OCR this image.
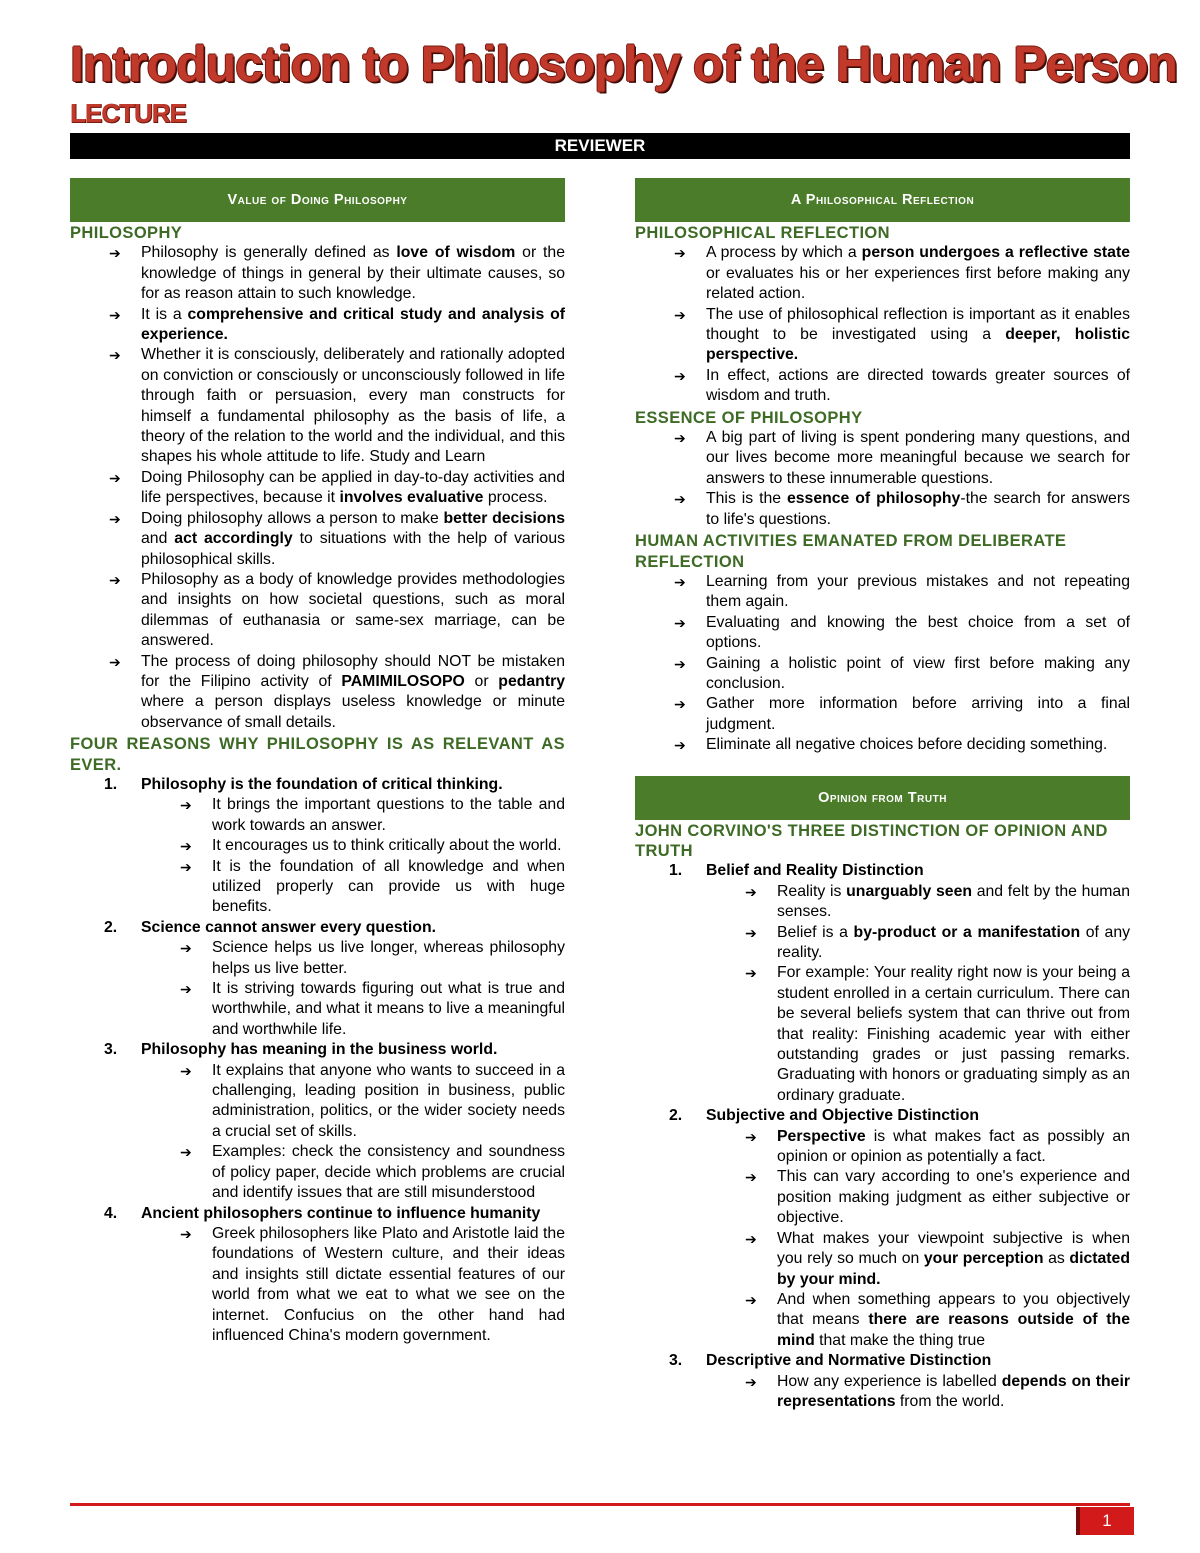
Introduction to Philosophy of the Human Person
LECTURE
REVIEWER
Value of Doing Philosophy
PHILOSOPHY
➔ Philosophy is generally defined as love of wisdom or the knowledge of things in general by their ultimate causes, so for as reason attain to such knowledge.
➔ It is a comprehensive and critical study and analysis of experience.
➔ Whether it is consciously, deliberately and rationally adopted on conviction or consciously or unconsciously followed in life through faith or persuasion, every man constructs for himself a fundamental philosophy as the basis of life, a theory of the relation to the world and the individual, and this shapes his whole attitude to life. Study and Learn
➔ Doing Philosophy can be applied in day-to-day activities and life perspectives, because it involves evaluative process.
➔ Doing philosophy allows a person to make better decisions and act accordingly to situations with the help of various philosophical skills.
➔ Philosophy as a body of knowledge provides methodologies and insights on how societal questions, such as moral dilemmas of euthanasia or same-sex marriage, can be answered.
➔ The process of doing philosophy should NOT be mistaken for the Filipino activity of PAMIMILOSOPO or pedantry where a person displays useless knowledge or minute observance of small details.
FOUR REASONS WHY PHILOSOPHY IS AS RELEVANT AS EVER.
1. Philosophy is the foundation of critical thinking.
➔ It brings the important questions to the table and work towards an answer.
➔ It encourages us to think critically about the world.
➔ It is the foundation of all knowledge and when utilized properly can provide us with huge benefits.
2. Science cannot answer every question.
➔ Science helps us live longer, whereas philosophy helps us live better.
➔ It is striving towards figuring out what is true and worthwhile, and what it means to live a meaningful and worthwhile life.
3. Philosophy has meaning in the business world.
➔ It explains that anyone who wants to succeed in a challenging, leading position in business, public administration, politics, or the wider society needs a crucial set of skills.
➔ Examples: check the consistency and soundness of policy paper, decide which problems are crucial and identify issues that are still misunderstood
4. Ancient philosophers continue to influence humanity
➔ Greek philosophers like Plato and Aristotle laid the foundations of Western culture, and their ideas and insights still dictate essential features of our world from what we eat to what we see on the internet. Confucius on the other hand had influenced China's modern government.
A Philosophical Reflection
PHILOSOPHICAL REFLECTION
➔ A process by which a person undergoes a reflective state or evaluates his or her experiences first before making any related action.
➔ The use of philosophical reflection is important as it enables thought to be investigated using a deeper, holistic perspective.
➔ In effect, actions are directed towards greater sources of wisdom and truth.
ESSENCE OF PHILOSOPHY
➔ A big part of living is spent pondering many questions, and our lives become more meaningful because we search for answers to these innumerable questions.
➔ This is the essence of philosophy-the search for answers to life's questions.
HUMAN ACTIVITIES EMANATED FROM DELIBERATE REFLECTION
➔ Learning from your previous mistakes and not repeating them again.
➔ Evaluating and knowing the best choice from a set of options.
➔ Gaining a holistic point of view first before making any conclusion.
➔ Gather more information before arriving into a final judgment.
➔ Eliminate all negative choices before deciding something.
Opinion from Truth
JOHN CORVINO'S THREE DISTINCTION OF OPINION AND TRUTH
1. Belief and Reality Distinction
➔ Reality is unarguably seen and felt by the human senses.
➔ Belief is a by-product or a manifestation of any reality.
➔ For example: Your reality right now is your being a student enrolled in a certain curriculum. There can be several beliefs system that can thrive out from that reality: Finishing academic year with either outstanding grades or just passing remarks. Graduating with honors or graduating simply as an ordinary graduate.
2. Subjective and Objective Distinction
➔ Perspective is what makes fact as possibly an opinion or opinion as potentially a fact.
➔ This can vary according to one's experience and position making judgment as either subjective or objective.
➔ What makes your viewpoint subjective is when you rely so much on your perception as dictated by your mind.
➔ And when something appears to you objectively that means there are reasons outside of the mind that make the thing true
3. Descriptive and Normative Distinction
➔ How any experience is labelled depends on their representations from the world.
1
